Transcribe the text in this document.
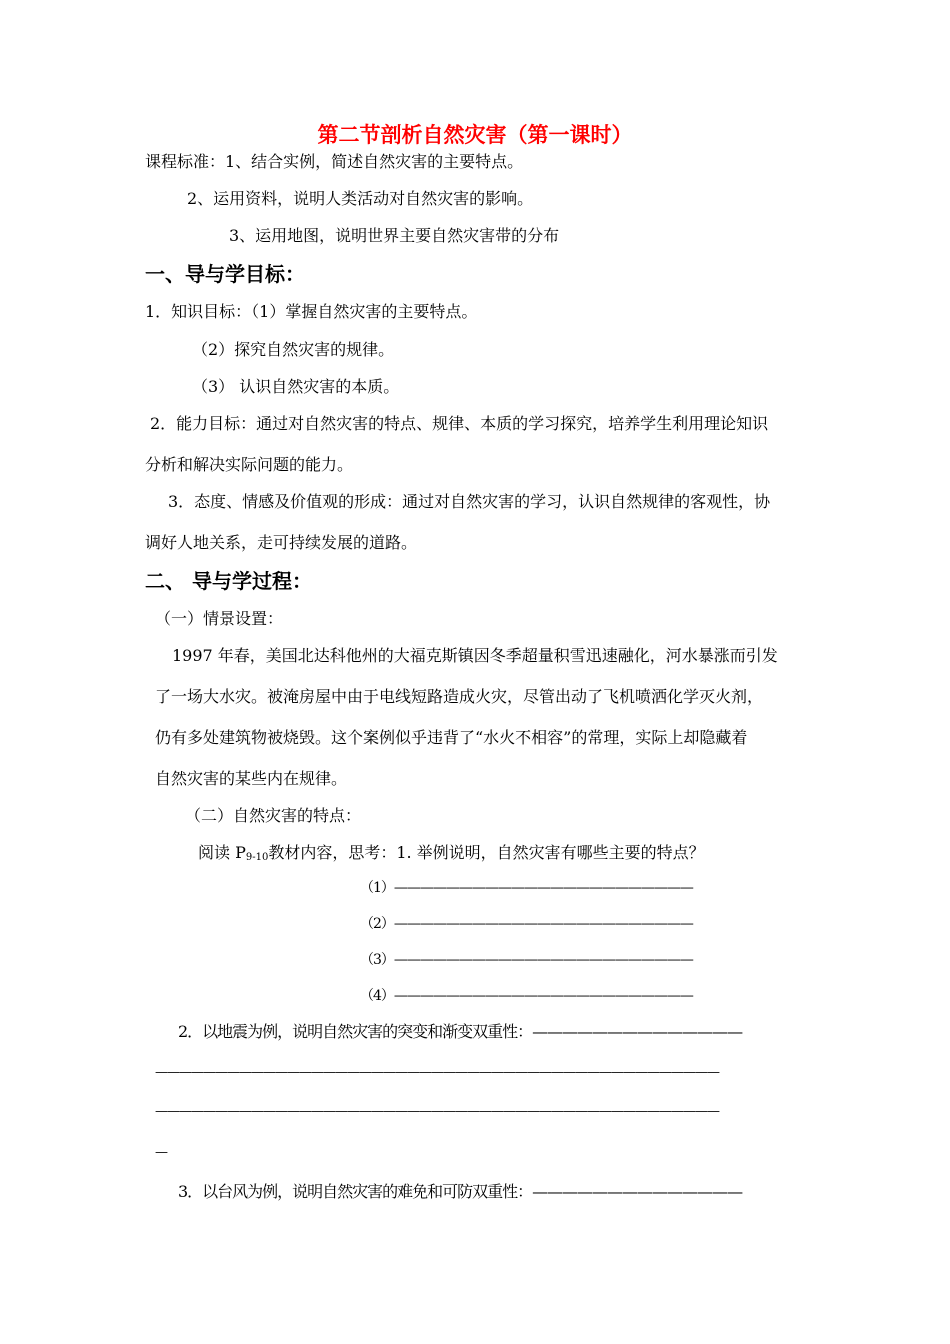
第二节剖析自然灾害（第一课时）
课程标准：1、结合实例，简述自然灾害的主要特点。
2、运用资料，说明人类活动对自然灾害的影响。
3、运用地图，说明世界主要自然灾害带的分布
一、导与学目标：
1．知识目标：（1）掌握自然灾害的主要特点。
（2）探究自然灾害的规律。
（3） 认识自然灾害的本质。
2．能力目标：通过对自然灾害的特点、规律、本质的学习探究，培养学生利用理论知识
分析和解决实际问题的能力。
3．态度、情感及价值观的形成：通过对自然灾害的学习，认识自然规律的客观性，协
调好人地关系，走可持续发展的道路。
二、 导与学过程：
（一）情景设置：
1997 年春，美国北达科他州的大福克斯镇因冬季超量积雪迅速融化，河水暴涨而引发
了一场大水灾。被淹房屋中由于电线短路造成火灾，尽管出动了飞机喷洒化学灭火剂，
仍有多处建筑物被烧毁。这个案例似乎违背了“水火不相容”的常理，实际上却隐藏着
自然灾害的某些内在规律。
（二）自然灾害的特点：
阅读 $P_{9-10}$教材内容，思考：1. 举例说明，自然灾害有哪些主要的特点？
（1）———————————————————————
（2）———————————————————————
（3）———————————————————————
（4）———————————————————————
2．以地震为例，说明自然灾害的突变和渐变双重性：——————————————
———————————————————————————————————————————————
———————————————————————————————————————————————
—
3．以台风为例，说明自然灾害的难免和可防双重性：——————————————
